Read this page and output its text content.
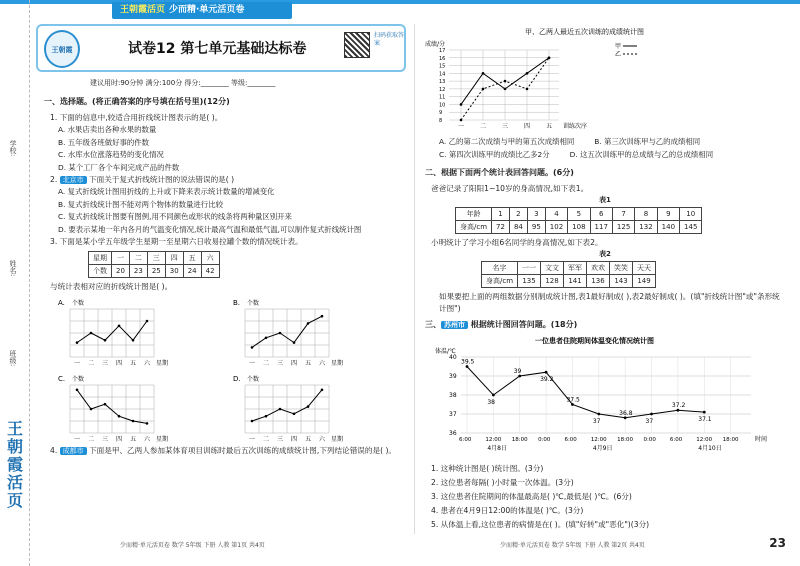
王朝霞活页 少而精·单元活页卷
学校:
姓名:
班级:
王朝霞活页
王朝霞	试卷12 第七单元基础达标卷
扫码获取答案
建议用时:90分钟 满分:100分 得分:________ 等级:________
一、选择题。(将正确答案的序号填在括号里)(12分)
1. 下面的信息中,较适合用折线统计图表示的是( )。
A. 水果店卖出各种水果的数量
B. 五年级各班做好事的件数
C. 水库水位涨落趋势的变化情况
D. 某个工厂各个车间完成产品的件数
2. 北京市 下面关于复式折线统计图的说法错误的是( )
A. 复式折线统计图用折线的上升或下降来表示统计数量的增减变化
B. 复式折线统计图不能对两个物体的数量进行比较
C. 复式折线统计图要有图例,用不同颜色或形状的线条将两种量区别开来
D. 要表示某地一年内各月的气温变化情况,统计最高气温和最低气温,可以制作复式折线统计图
3. 下面是某小学五年级学生星期一至星期六日收易拉罐个数的情况统计表。
星期	一	二	三	四	五	六
个数	20	23	25	30	24	42
与统计表相对应的折线统计图是( )。
A. 个数
一 二 三 四 五 六 星期
B. 个数
一 二 三 四 五 六 星期
C. 个数
一 二 三 四 五 六 星期
D. 个数
一 二 三 四 五 六 星期
4. 成都市 下面是甲、乙两人参加某体育项目训练时最后五次训练的成绩统计图,下列结论错误的是( )。
甲、乙两人最近五次训练的成绩统计图
成绩/分
8
9
10
11
12
13
14
15
16
17
一	二	三	四	五 训练次序
甲
乙
A. 乙的第二次成绩与甲的第五次成绩相同	B. 第三次训练甲与乙的成绩相同
C. 第四次训练甲的成绩比乙多2分	D. 这五次训练甲的总成绩与乙的总成绩相同
二、根据下面两个统计表回答问题。(6分)
爸爸记录了阳阳1~10岁的身高情况,如下表1。
表1
年龄	1	2	3	4	5	6	7	8	9	10
身高/cm	72	84	95	102	108	117	125	132	140	145
小明统计了学习小组6名同学的身高情况,如下表2。
表2
名字	一一	文文	军军	欢欢	笑笑	天天
身高/cm	135	128	141	136	143	149
如果要把上面的两组数据分别制成统计图,表1最好制成( ),表2最好制成( )。(填"折线统计图"或"条形统计图")
三、 苏州市 根据统计图回答问题。(18分)
一位患者住院期间体温变化情况统计图
体温/℃
36
37
38
39
40
6:00	12:00 18:00 0:00	6:00	12:00 18:00 0:00	6:00	12:00 18:00
4月8日	4月9日	4月10日
时间
39.5
38
39
39.2
37.5
37
36.8
37
37.2
37.1
1. 这种统计图是( )统计图。(3分)
2. 这位患者每隔( )小时量一次体温。(3分)
3. 这位患者住院期间的体温最高是( )℃,最低是( )℃。(6分)
4. 患者在4月9日12:00的体温是( )℃。(3分)
5. 从体温上看,这位患者的病情是在( )。(填"好转"或"恶化")(3分)
少而精·单元活页卷 数学 5年级 下册 人教 第1页 共4页	少而精·单元活页卷 数学 5年级 下册 人教 第2页 共4页	23
